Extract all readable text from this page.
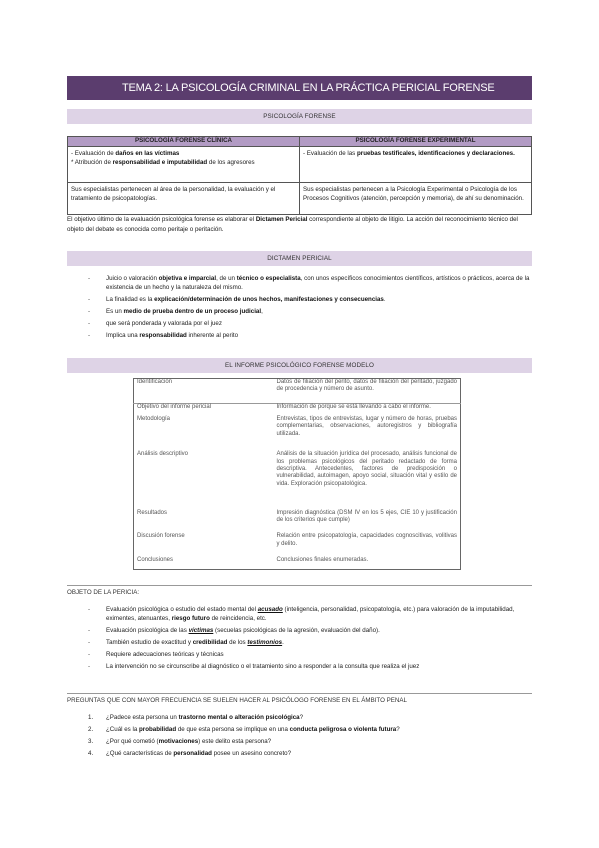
TEMA 2: LA PSICOLOGÍA CRIMINAL EN LA PRÁCTICA PERICIAL FORENSE
PSICOLOGÍA FORENSE
PSICOLOGÍA FORENSE CLÍNICA	PSICOLOGÍA FORENSE EXPERIMENTAL

- Evaluación de daños en las víctimas
* Atribución de responsabilidad e imputabilidad de los agresores	- Evaluación de las pruebas testificales, identificaciones y declaraciones.
Sus especialistas pertenecen al área de la personalidad, la evaluación y el tratamiento de psicopatologías.	Sus especialistas pertenecen a la Psicología Experimental o Psicología de los Procesos Cognitivos (atención, percepción y memoria), de ahí su denominación.
El objetivo último de la evaluación psicológica forense es elaborar el Dictamen Pericial correspondiente al objeto de litigio. La acción del reconocimiento técnico del objeto del debate es conocida como peritaje o peritación.
DICTAMEN PERICIAL
- Juicio o valoración objetiva e imparcial, de un técnico o especialista, con unos específicos conocimientos científicos, artísticos o prácticos, acerca de la existencia de un hecho y la naturaleza del mismo.
- La finalidad es la explicación/determinación de unos hechos, manifestaciones y consecuencias.
- Es un medio de prueba dentro de un proceso judicial,
- que será ponderada y valorada por el juez
- Implica una responsabilidad inherente al perito
EL INFORME PSICOLÓGICO FORENSE MODELO
Identificación	Datos de filiación del perito, datos de filiación del peritado, juzgado de procedencia y número de asunto.
Objetivo del informe pericial	Información de porque se está llevando a cabo el informe.
Metodología	Entrevistas, tipos de entrevistas, lugar y número de horas, pruebas complementarias, observaciones, autoregistros y bibliografía utilizada.
Análisis descriptivo	Análisis de la situación jurídica del procesado, análisis funcional de los problemas psicológicos del peritado redactado de forma descriptiva. Antecedentes, factores de predisposición o vulnerabilidad, autoimagen, apoyo social, situación vital y estilo de vida. Exploración psicopatológica.
Resultados	Impresión diagnóstica (DSM IV en los 5 ejes, CIE 10 y justificación de los criterios que cumple)
Discusión forense	Relación entre psicopatología, capacidades cognoscitivas, volitivas y delito.
Conclusiones	Conclusiones finales enumeradas.
OBJETO DE LA PERICIA:
- Evaluación psicológica o estudio del estado mental del acusado (inteligencia, personalidad, psicopatología, etc.) para valoración de la imputabilidad, eximentes, atenuantes, riesgo futuro de reincidencia, etc.
- Evaluación psicológica de las víctimas (secuelas psicológicas de la agresión, evaluación del daño).
- También estudio de exactitud y credibilidad de los testimonios.
- Requiere adecuaciones teóricas y técnicas
- La intervención no se circunscribe al diagnóstico o el tratamiento sino a responder a la consulta que realiza el juez
PREGUNTAS QUE CON MAYOR FRECUENCIA SE SUELEN HACER AL PSICÓLOGO FORENSE EN EL ÁMBITO PENAL
1. ¿Padece esta persona un trastorno mental o alteración psicológica?
2. ¿Cuál es la probabilidad de que esta persona se implique en una conducta peligrosa o violenta futura?
3. ¿Por qué cometió (motivaciones) este delito esta persona?
4. ¿Qué características de personalidad posee un asesino concreto?
